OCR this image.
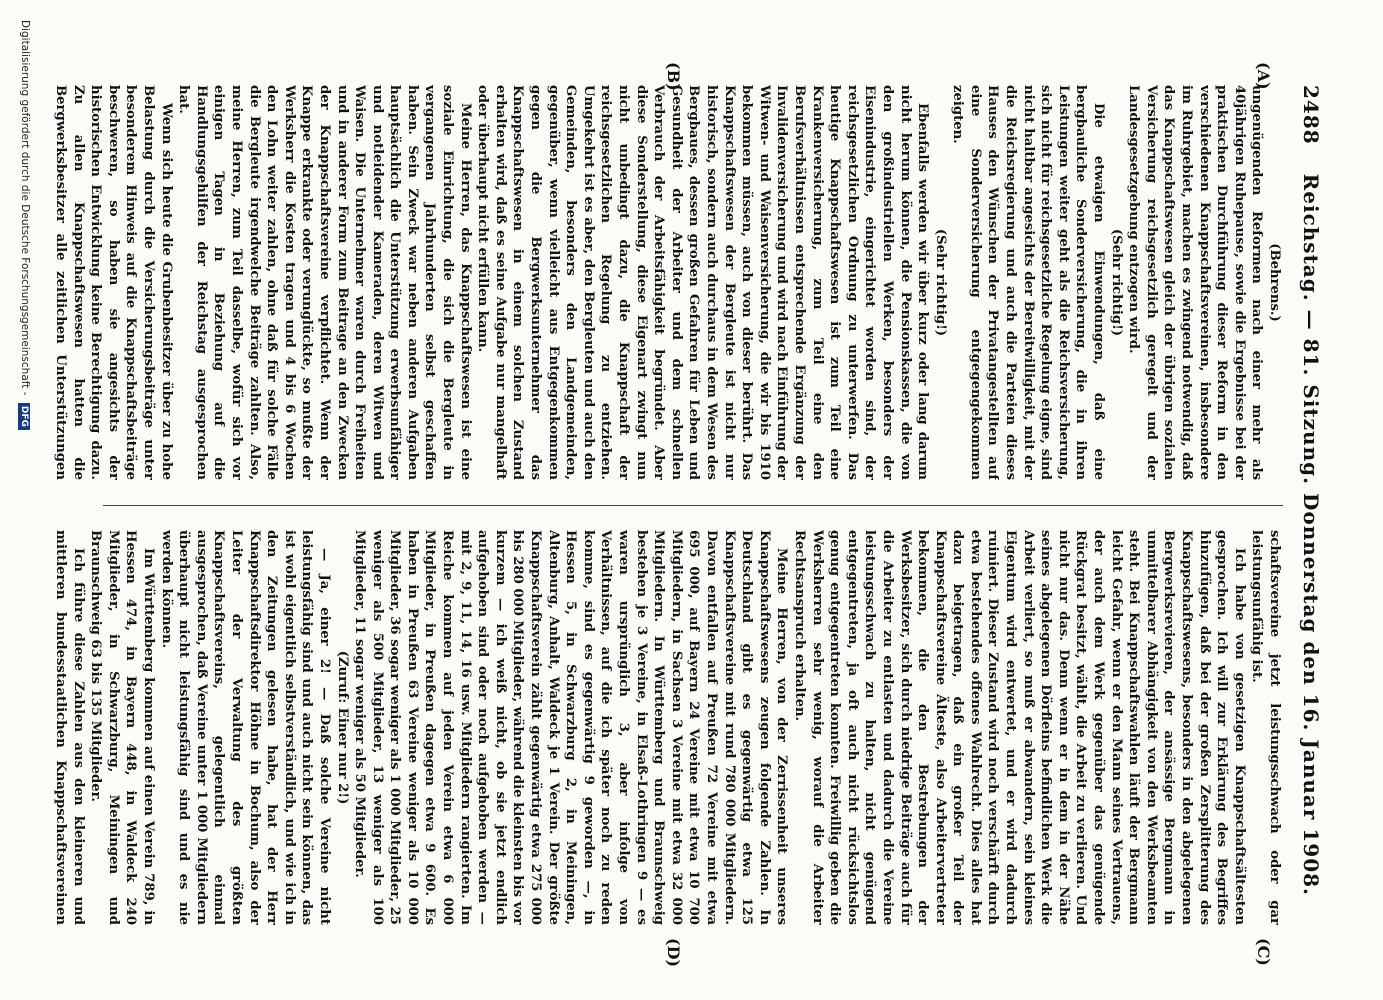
2488
Reichstag. — 81. Sitzung. Donnerstag den 16. Januar 1908.
(A)
(B)
(C)
(D)

(Behrens.)

ungenügenden Reformen nach einer mehr als 40jährigen Ruhepause, sowie die Ergebnisse bei der praktischen Durchführung dieser Reform in den verschiedenen Knappschaftsvereinen, insbesondere im Ruhrgebiet, machen es zwingend notwendig, daß das Knappschaftswesen gleich der übrigen sozialen Versicherung reichsgesetzlich geregelt und der Landesgesetzgebung entzogen wird.

(Sehr richtig!)

Die etwaigen Einwendungen, daß eine bergbauliche Sonderversicherung, die in ihren Leistungen weiter geht als die Reichsversicherung, sich nicht für reichsgesetzliche Regelung eigne, sind nicht haltbar angesichts der Bereitwilligkeit, mit der die Reichsregierung und auch die Parteien dieses Hauses den Wünschen der Privatangestellten auf eine Sonderversicherung entgegengekommen zeigten.

(Sehr richtig!)

Ebenfalls werden wir über kurz oder lang darum nicht herum können, die Pensionskassen, die von den großindustriellen Werken, besonders der Eisenindustrie, eingerichtet worden sind, der reichsgesetzlichen Ordnung zu unterwerfen. Das heutige Knappschaftswesen ist zum Teil eine Krankenversicherung, zum Teil eine den Berufsverhältnissen entsprechende Ergänzung der Invalidenversicherung und wird nach Einführung der Witwen- und Waisenversicherung, die wir bis 1910 bekommen müssen, auch von dieser berührt. Das Knappschaftswesen der Bergleute ist nicht nur historisch, sondern auch durchaus in dem Wesen des Bergbaues, dessen großen Gefahren für Leben und Gesundheit der Arbeiter und dem schnellen Verbrauch der Arbeitsfähigkeit begründet. Aber diese Sonderstellung, diese Eigenart zwingt nun nicht unbedingt dazu, die Knappschaft der reichsgesetzlichen Regelung zu entziehen. Umgekehrt ist es aber, den Bergleuten und auch den Gemeinden, besonders den Landgemeinden, gegenüber, wenn vielleicht aus Entgegenkommen gegen die Bergwerksunternehmer das Knappschaftswesen in einem solchen Zustand erhalten wird, daß es seine Aufgabe nur mangelhaft oder überhaupt nicht erfüllen kann.

Meine Herren, das Knappschaftswesen ist eine soziale Einrichtung, die sich die Bergleute in vergangenen Jahrhunderten selbst geschaffen haben. Sein Zweck war neben anderen Aufgaben hauptsächlich die Unterstützung erwerbsunfähiger und notleidender Kameraden, deren Witwen und Waisen. Die Unternehmer waren durch Freiheiten und in anderer Form zum Beitrage an den Zwecken der Knappschaftsvereine verpflichtet. Wenn der Knappe erkrankte oder verunglückte, so mußte der Werksherr die Kosten tragen und 4 bis 6 Wochen den Lohn weiter zahlen, ohne daß für solche Fälle die Bergleute irgendwelche Beiträge zahlten. Also, meine Herren, zum Teil dasselbe, wofür sich vor einigen Tagen in Beziehung auf die Handlungsgehilfen der Reichstag ausgesprochen hat.

Wenn sich heute die Grubenbesitzer über zu hohe Belastung durch die Versicherungsbeiträge unter besonderem Hinweis auf die Knappschaftsbeiträge beschweren, so haben sie angesichts der historischen Entwicklung keine Berechtigung dazu. Zu allen Knappschaftswesen hatten die Bergwerksbesitzer alle zeitlichen Unterstützungen

schaftsvereine jetzt leistungsschwach oder gar leistungsunfähig ist.

Ich habe von gesetzigen Knappschaftsältesten gesprochen. Ich will zur Erklärung des Begriffes hinzufügen, daß bei der großen Zersplitterung des Knappschaftswesens, besonders in den abgelegenen Bergwerksrevieren, der ansässige Bergmann in unmittelbarer Abhängigkeit von den Werksbeamten steht. Bei Knappschaftswahlen läuft der Bergmann leicht Gefahr, wenn er den Mann seines Vertrauens, der auch dem Werk gegenüber das genügende Rückgrat besitzt, wählt, die Arbeit zu verlieren. Und nicht nur das. Denn wenn er in dem in der Nähe seines abgelegenen Dörfleins befindlichen Werk die Arbeit verliert, so muß er abwandern, sein kleines Eigentum wird entwertet, und er wird dadurch ruiniert. Dieser Zustand wird noch verschärft durch etwa bestehendes offenes Wahlrecht. Dies alles hat dazu beigetragen, daß ein großer Teil der Knappschaftsvereine Älteste, also Arbeitervertreter bekommen, die den Bestrebungen der Werksbesitzer, sich durch niedrige Beiträge auch für die Arbeiter zu entlasten und dadurch die Vereine leistungsschwach zu halten, nicht genügend entgegentreten, ja oft auch nicht rücksichtslos genug entgegentreten konnten. Freiwillig geben die Werksherren sehr wenig, worauf die Arbeiter Rechtsanspruch erhalten.

Meine Herren, von der Zerrissenheit unseres Knappschaftswesens zeugen folgende Zahlen. In Deutschland gibt es gegenwärtig etwa 125 Knappschaftsvereine mit rund 780 000 Mitgliedern. Davon entfallen auf Preußen 72 Vereine mit etwa 695 000, auf Bayern 24 Vereine mit etwa 10 700 Mitgliedern, in Sachsen 3 Vereine mit etwa 32 000 Mitgliedern. In Württemberg und Braunschweig bestehen je 3 Vereine, in Elsaß-Lothringen 9 — es waren ursprünglich 3, aber infolge von Verhältnissen, auf die ich später noch zu reden komme, sind es gegenwärtig 9 geworden —, in Hessen 5, in Schwarzburg 2, in Meiningen, Altenburg, Anhalt, Waldeck je 1 Verein. Der größte Knappschaftsverein zählt gegenwärtig etwa 275 000 bis 280 000 Mitglieder, während die kleinsten bis vor kurzem — ich weiß nicht, ob sie jetzt endlich aufgehoben sind oder noch aufgehoben werden — mit 2, 9, 11, 14, 16 usw. Mitgliedern rangierten. Im Reiche kommen auf jeden Verein etwa 6 000 Mitglieder, in Preußen dagegen etwa 9 600. Es haben in Preußen 63 Vereine weniger als 10 000 Mitglieder, 36 sogar weniger als 1 000 Mitglieder, 25 weniger als 500 Mitglieder, 13 weniger als 100 Mitglieder, 11 sogar weniger als 50 Mitglieder.

(Zuruf: Einer nur 2!)

— Ja, einer 2! — Daß solche Vereine nicht leistungsfähig sind und auch nicht sein können, das ist wohl eigentlich selbstverständlich, und wie ich in den Zeitungen gelesen habe, hat der Herr Knappschaftsdirektor Höhne in Bochum, also der Leiter der Verwaltung des größten Knappschaftsvereins, gelegentlich einmal ausgesprochen, daß Vereine unter 1 000 Mitgliedern überhaupt nicht leistungsfähig sind und es nie werden können.

Im Württemberg kommen auf einen Verein 789, in Hessen 474, in Bayern 448, in Waldeck 240 Mitglieder, in Schwarzburg, Meiningen und Braunschweig 63 bis 135 Mitglieder.

Ich führe diese Zahlen aus den kleineren und mittleren bundesstaatlichen Knappschaftsvereinen

Digitalisierung gefördert durch die Deutsche Forschungsgemeinschaft - DFG
